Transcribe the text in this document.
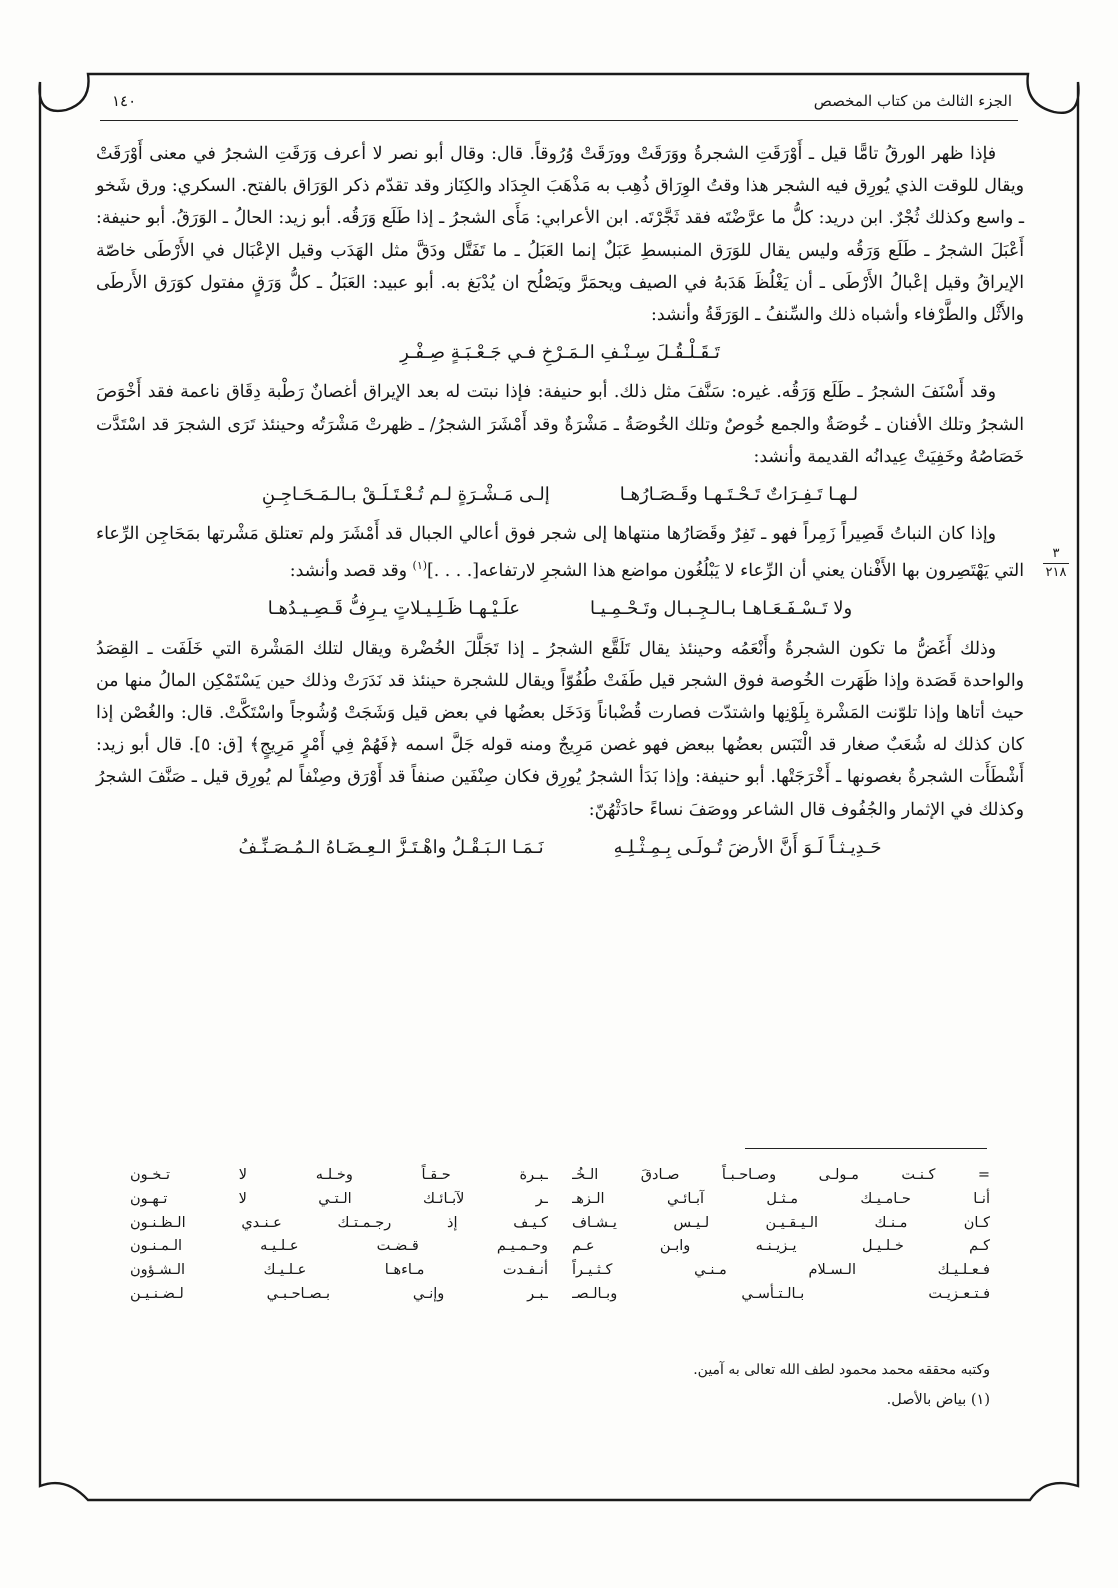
الجزء الثالث من كتاب المخصص
١٤٠
٣
٢١٨

فإذا ظهر الورقُ تامًّا قيل ـ أَوْرَقَتِ الشجرةُ ووَرَقَتْ وورَقَتْ وُرُوقاً. قال: وقال أبو نصر لا أعرف وَرَقَتِ الشجرُ في معنى أَوْرَقَتْ ويقال للوقت الذي يُورِق فيه الشجر هذا وقتُ الوِرَاق ذُهِب به مَذْهَبَ الجِدَاد والكِنَاز وقد تقدّم ذكر الوَرَاق بالفتح. السكري: ورق شَخو ـ واسع وكذلك ثُجْرٌ. ابن دريد: كلُّ ما عرَّضْتَه فقد ثَجَّرْتَه. ابن الأعرابي: مَأَى الشجرُ ـ إذا طَلَع وَرَقُه. أبو زيد: الحالُ ـ الوَرَقُ. أبو حنيفة: أَعْبَلَ الشجرُ ـ طَلَع وَرَقُه وليس يقال للوَرَق المنبسطِ عَبَلٌ إنما العَبَلُ ـ ما تَفَتَّل ودَقَّ مثل الهَدَب وقيل الإعْبَال في الأَرْطَى خاصّة الإيراقُ وقيل إعْبالُ الأَرْطَى ـ أن يَغْلُظَ هَدَبهُ في الصيف ويحمَرَّ ويَصْلُح ان يُدْبَغ به. أبو عبيد: العَبَلُ ـ كلُّ وَرَقٍ مفتول كوَرَق الأَرطَى والأَثْل والطَّرْفاء وأشباه ذلك والسِّنفُ ـ الوَرَقَةُ وأنشد:

تَـقَـلْـقُـلَ سِـنْـفِ الـمَـرْخِ فـي جَـعْـبَـةٍ صِـفْـرِ

وقد أَسْنَفَ الشجرُ ـ طَلَع وَرَقُه. غيره: سَنَّفَ مثل ذلك. أبو حنيفة: فإذا نبتت له بعد الإيراق أغصانٌ رَطْبة دِقَاق ناعمة فقد أَخْوَصَ الشجرُ وتلك الأفنان ـ خُوصَةٌ والجمع خُوصٌ وتلك الخُوصَةُ ـ مَشْرَةٌ وقد أَمْشَرَ الشجرُ/ ـ ظهرتْ مَشْرَتُه وحينئذ تَرَى الشجرَ قد اسْتَدَّت خَصَاصُهُ وخَفِيَتْ عِيدانُه القديمة وأنشد:

لـهـا تَـفِـرَاتٌ تَـحْـتَـهـا وقَـصَـارُهـا
إلـى مَـشْـرَةٍ لـم تُـعْـتَـلَـقْ بـالـمَـحَـاجِـنِ

وإذا كان النباتُ قَصِيراً زَمِراً فهو ـ تَفِرٌ وقَصَارُها منتهاها إلى شجر فوق أعالي الجبال قد أَمْشَرَ ولم تعتلق مَشْرتها بمَحَاجِن الرِّعاء التي يَهْتَصِرون بها الأَفْنان يعني أن الرِّعاء لا يَبْلُغُون مواضع هذا الشجرِ لارتفاعه[. . . .]$^{(١)}$ وقد قصد وأنشد:

ولا تَـسْـفَـعَـاهـا بـالـجِـبـال وتَـحْـمِـيـا
علَـيْـهـا ظَـلِـيـلاتٍ يـرِفُّ قَـصِـيـدُهـا

وذلك أَغَضُّ ما تكون الشجرةُ وأَنْعَمُه وحينئذ يقال تَلَقَّع الشجرُ ـ إذا تَجَلَّلَ الخُضْرة ويقال لتلك المَشْرة التي خَلَفَت ـ القِصَدُ والواحدة قَصَدة وإذا ظَهَرت الخُوصة فوق الشجر قيل طَفَتْ طُفُوّاً ويقال للشجرة حينئذ قد نَدَرَتْ وذلك حين يَسْتَمْكِن المالُ منها من حيث أتاها وإذا تلوّنت المَشْرة بِلَوْنِها واشتدّت فصارت قُضْباناً وَدَخَل بعضُها في بعض قيل وَشَجَتْ وُشُوجاً واسْتَكَّتْ. قال: والغُصْن إذا كان كذلك له شُعَبٌ صغار قد الْتَبَس بعضُها ببعض فهو غصن مَرِيجٌ ومنه قوله جَلَّ اسمه ﴿فَهُمْ فِي أَمْرٍ مَرِيجٍ﴾ [ق: ٥]. قال أبو زيد: أَشْطَأَت الشجرةُ بغصونها ـ أَخْرَجَتْها. أبو حنيفة: وإذا بَدَأ الشجرُ يُورِق فكان صِنْفَين صنفاً قد أَوْرَق وصِنْفاً لم يُورِق قيل ـ صَنَّفَ الشجرُ وكذلك في الإثمار والجُفُوف قال الشاعر ووصَفَ نساءً حادَثْهُنّ:

حَـدِيـثـاً لَـوَ أَنَّ الأرضَ تُـولَـى بِـمِـثْـلِـهِ
نَـمَـا الـبَـقْـلُ واهْـتَـزَّ الـعِـضَـاهُ الـمُـصَـنِّـفُ
= كـنـت مـولـى وصـاحـبـاً صـادقَ الـخُـ
أنـا حـامـيـك مـثـل آبـائـي الـزهـ
كـان مـنـك الـيـقـيـن لـيـس يـشـاف
كـم خـلـيـل يـزيـنـه وابـن عـم
فـعـلـيـك الـسـلام مـنـي كـثـيـراً
فـتـعـزيـت بـالـتـأسـي وبـالـصـ
ـبـرة حـقـاً وخـلـه لا تـخـون
ـر لآبـائـك الـتـي لا تـهـون
كـيـف إذ رجـمـتـك عـنـدي الـظـنـون
وحـمـيـم قـضـت عـلـيـه الـمـنـون
أنـفـدت مـاءهـا عـلـيـك الـشـؤون
ـبـر وإنـي بـصـاحـبـي لـضـنـيـن
وكتبه محققه محمد محمود لطف الله تعالى به آمين.
(١) بياض بالأصل.
